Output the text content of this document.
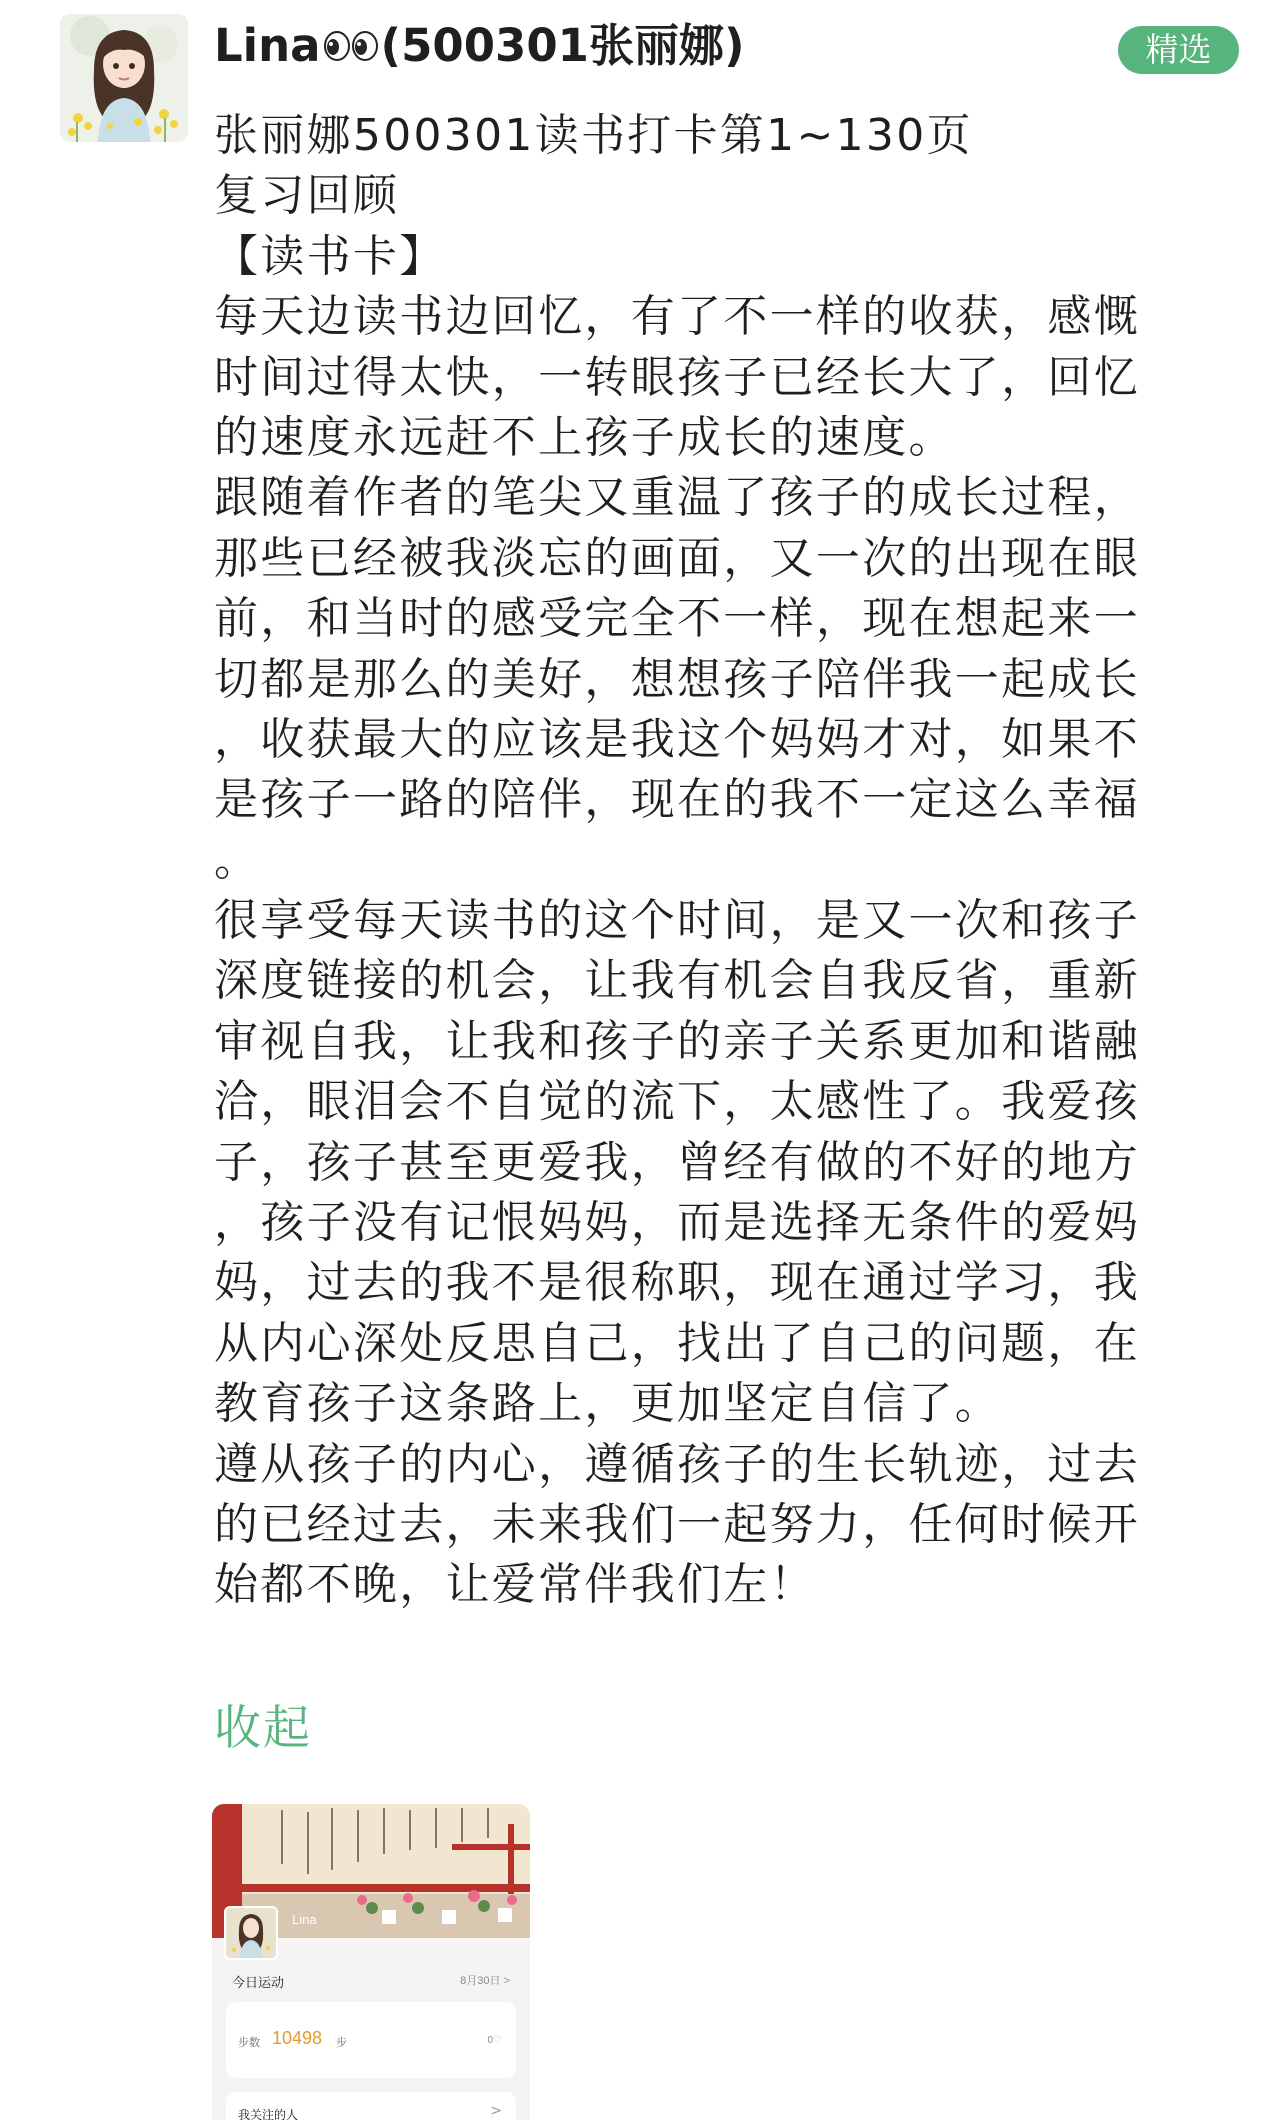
Lina (500301张丽娜)	精选
张丽娜500301读书打卡第1~130页
复习回顾
【读书卡】
每天边读书边回忆，有了不一样的收获，感慨
时间过得太快，一转眼孩子已经长大了，回忆
的速度永远赶不上孩子成长的速度。
跟随着作者的笔尖又重温了孩子的成长过程，
那些已经被我淡忘的画面，又一次的出现在眼
前，和当时的感受完全不一样，现在想起来一
切都是那么的美好，想想孩子陪伴我一起成长
，收获最大的应该是我这个妈妈才对，如果不
是孩子一路的陪伴，现在的我不一定这么幸福
。
很享受每天读书的这个时间，是又一次和孩子
深度链接的机会，让我有机会自我反省，重新
审视自我，让我和孩子的亲子关系更加和谐融
洽，眼泪会不自觉的流下，太感性了。我爱孩
子，孩子甚至更爱我，曾经有做的不好的地方
，孩子没有记恨妈妈，而是选择无条件的爱妈
妈，过去的我不是很称职，现在通过学习，我
从内心深处反思自己，找出了自己的问题，在
教育孩子这条路上，更加坚定自信了。
遵从孩子的内心，遵循孩子的生长轨迹，过去
的已经过去，未来我们一起努力，任何时候开
始都不晚，让爱常伴我们左！
收起
Lina
今日运动	8月30日 >
步数 10498 步	0♡
我关注的人	>
